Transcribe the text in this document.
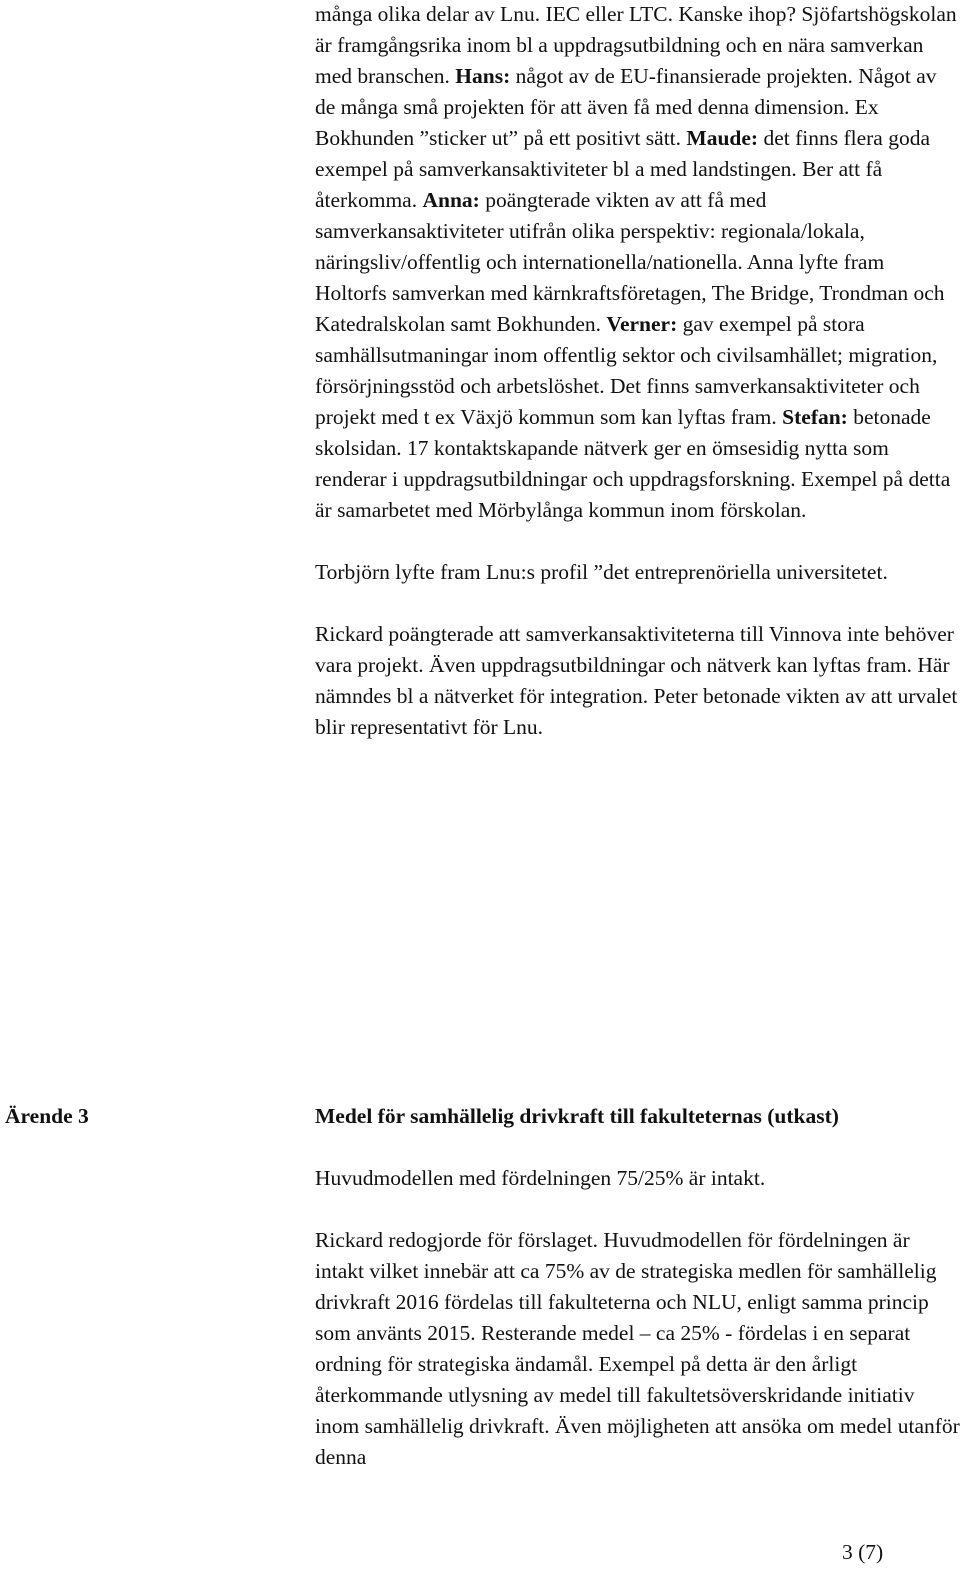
många olika delar av Lnu. IEC eller LTC. Kanske ihop? Sjöfartshögskolan är framgångsrika inom bl a uppdragsutbildning och en nära samverkan med branschen. Hans: något av de EU-finansierade projekten. Något av de många små projekten för att även få med denna dimension. Ex Bokhunden ”sticker ut” på ett positivt sätt. Maude: det finns flera goda exempel på samverkansaktiviteter bl a med landstingen. Ber att få återkomma. Anna: poängterade vikten av att få med samverkansaktiviteter utifrån olika perspektiv: regionala/lokala, näringsliv/offentlig och internationella/nationella. Anna lyfte fram Holtorfs samverkan med kärnkraftsföretagen, The Bridge, Trondman och Katedralskolan samt Bokhunden. Verner: gav exempel på stora samhällsutmaningar inom offentlig sektor och civilsamhället; migration, försörjningsstöd och arbetslöshet. Det finns samverkansaktiviteter och projekt med t ex Växjö kommun som kan lyftas fram. Stefan: betonade skolsidan. 17 kontaktskapande nätverk ger en ömsesidig nytta som renderar i uppdragsutbildningar och uppdragsforskning. Exempel på detta är samarbetet med Mörbylånga kommun inom förskolan.

Torbjörn lyfte fram Lnu:s profil ”det entreprenöriella universitetet.

Rickard poängterade att samverkansaktiviteterna till Vinnova inte behöver vara projekt. Även uppdragsutbildningar och nätverk kan lyftas fram. Här nämndes bl a nätverket för integration. Peter betonade vikten av att urvalet blir representativt för Lnu.

Ärende 3	Medel för samhällelig drivkraft till fakulteternas (utkast)

Huvudmodellen med fördelningen 75/25% är intakt.

Rickard redogjorde för förslaget. Huvudmodellen för fördelningen är intakt vilket innebär att ca 75% av de strategiska medlen för samhällelig drivkraft 2016 fördelas till fakulteterna och NLU, enligt samma princip som använts 2015. Resterande medel – ca 25% - fördelas i en separat ordning för strategiska ändamål. Exempel på detta är den årligt återkommande utlysning av medel till fakultetsöverskridande initiativ inom samhällelig drivkraft. Även möjligheten att ansöka om medel utanför denna

3 (7)
